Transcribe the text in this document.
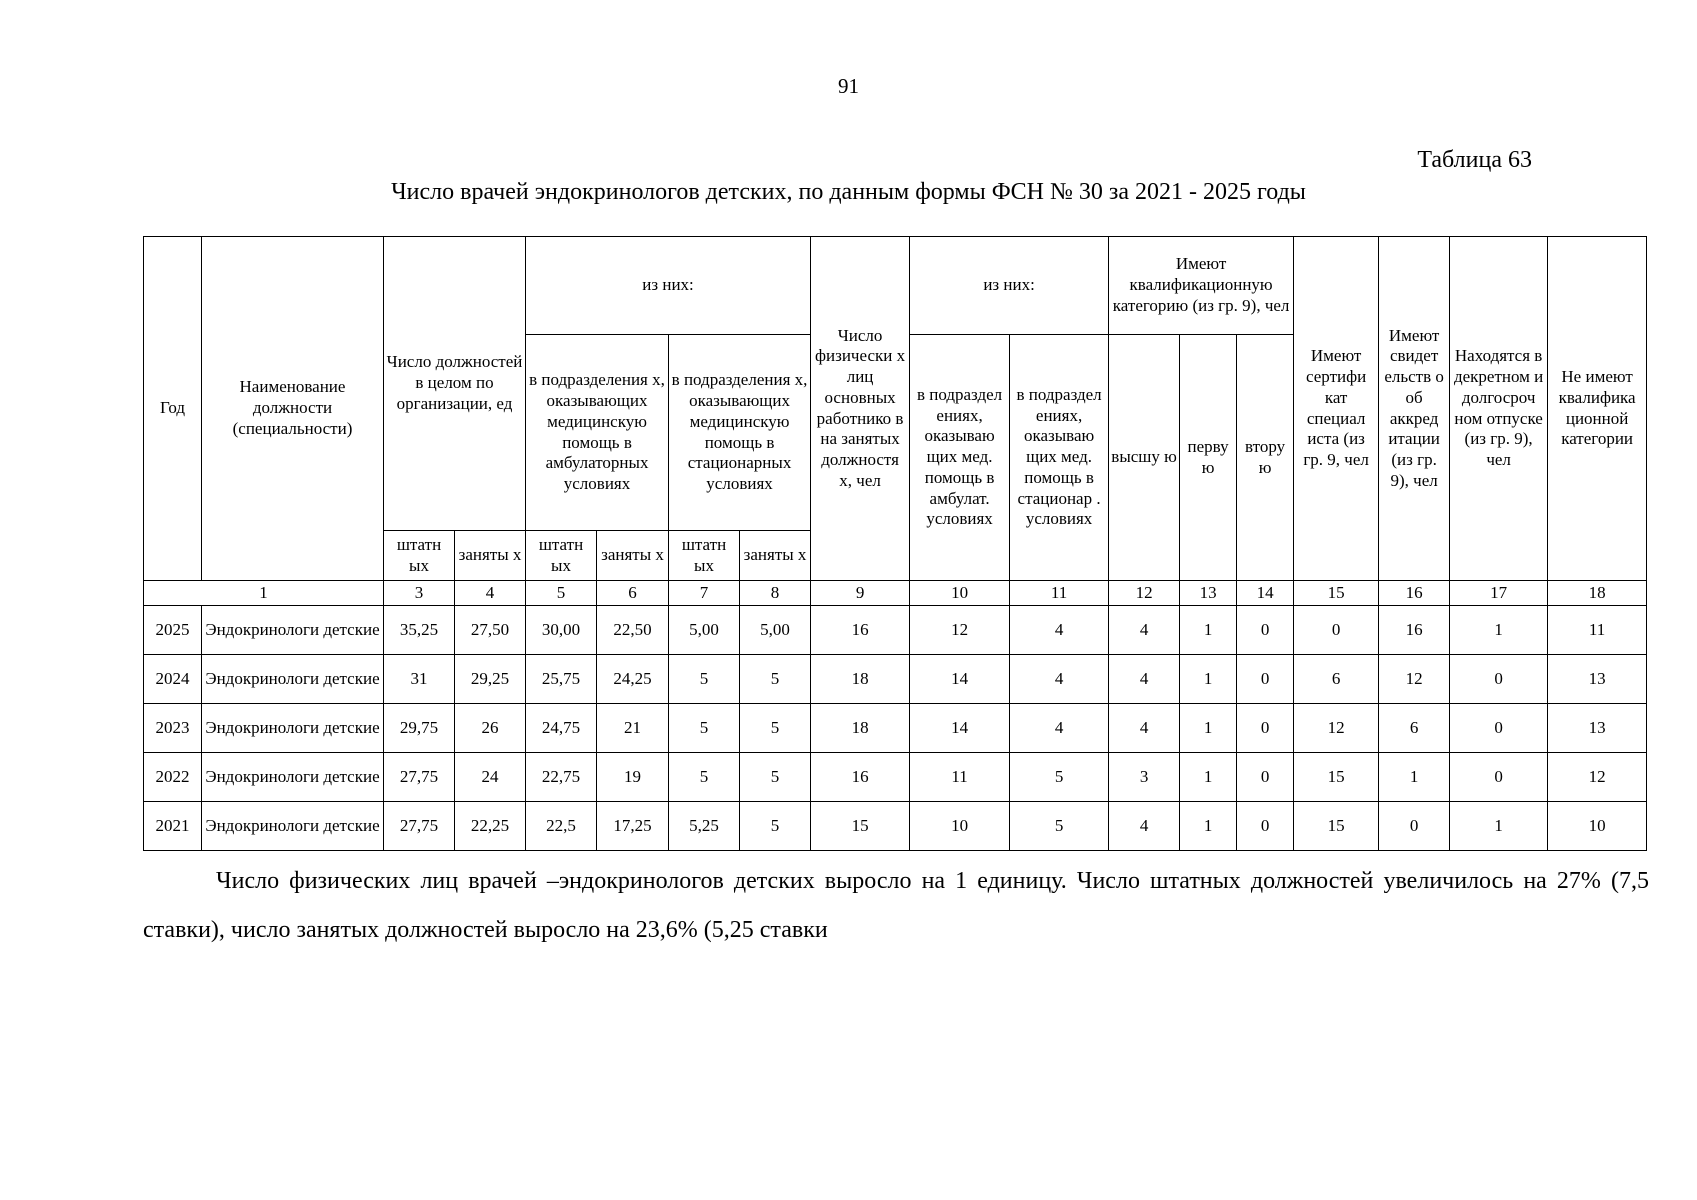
91
Таблица 63
Число врачей эндокринологов детских, по данным формы ФСН № 30 за 2021 - 2025 годы
Год	Наименование должности (специальности)	Число должностей в целом по организации, ед		из них:				Число физически х лиц основных работнико в на занятых должностя х, чел	из них:		Имеют квалификационную категорию (из гр. 9), чел			Имеют сертифи кат специал иста (из гр. 9, чел	Имеют свидет ельств о об аккред итации (из гр. 9), чел	Находятся в декретном и долгосроч ном отпуске (из гр. 9), чел	Не имеют квалифика ционной категории
				в подразделения х, оказывающих медицинскую помощь в амбулаторных условиях		в подразделения х, оказывающих медицинскую помощь в стационарных условиях			в подраздел ениях, оказываю щих мед. помощь в амбулат. условиях	в подраздел ениях, оказываю щих мед. помощь в стационар . условиях	высшу ю	перву ю	втору ю				
		штатн ых	заняты х	штатн ых	заняты х	штатн ых	заняты х										
1		3	4	5	6	7	8	9	10	11	12	13	14	15	16	17	18
2025	Эндокринологи детские	35,25	27,50	30,00	22,50	5,00	5,00	16	12	4	4	1	0	0	16	1	11
2024	Эндокринологи детские	31	29,25	25,75	24,25	5	5	18	14	4	4	1	0	6	12	0	13
2023	Эндокринологи детские	29,75	26	24,75	21	5	5	18	14	4	4	1	0	12	6	0	13
2022	Эндокринологи детские	27,75	24	22,75	19	5	5	16	11	5	3	1	0	15	1	0	12
2021	Эндокринологи детские	27,75	22,25	22,5	17,25	5,25	5	15	10	5	4	1	0	15	0	1	10

Число физических лиц врачей –эндокринологов детских выросло на 1 единицу. Число штатных должностей увеличилось на 27% (7,5 ставки), число занятых должностей выросло на 23,6% (5,25 ставки
